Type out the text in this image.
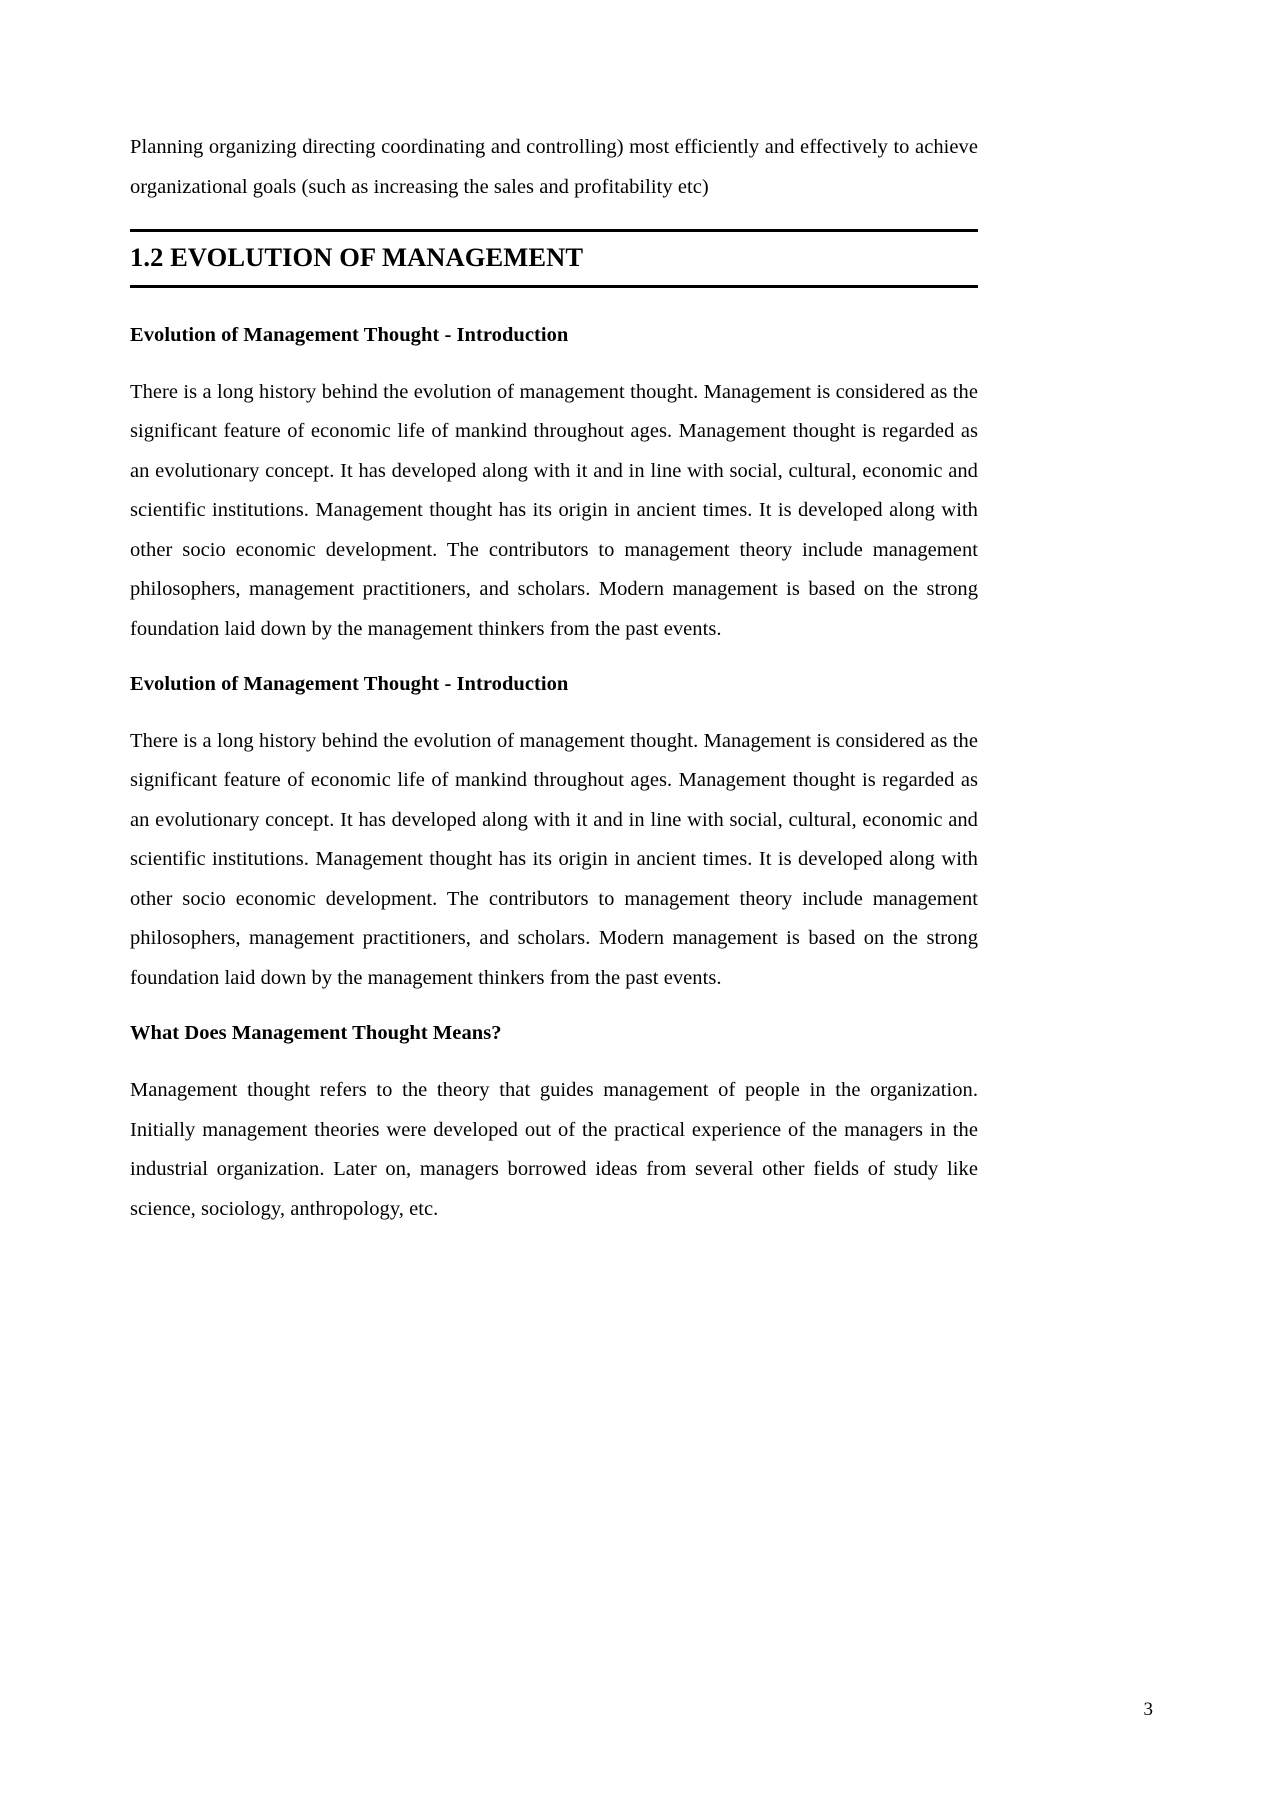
Planning organizing directing coordinating and controlling) most efficiently and effectively to achieve organizational goals (such as increasing the sales and profitability etc)

1.2 EVOLUTION OF MANAGEMENT
Evolution of Management Thought - Introduction

There is a long history behind the evolution of management thought. Management is considered as the significant feature of economic life of mankind throughout ages. Management thought is regarded as an evolutionary concept. It has developed along with it and in line with social, cultural, economic and scientific institutions. Management thought has its origin in ancient times. It is developed along with other socio economic development. The contributors to management theory include management philosophers, management practitioners, and scholars. Modern management is based on the strong foundation laid down by the management thinkers from the past events.

Evolution of Management Thought - Introduction

There is a long history behind the evolution of management thought. Management is considered as the significant feature of economic life of mankind throughout ages. Management thought is regarded as an evolutionary concept. It has developed along with it and in line with social, cultural, economic and scientific institutions. Management thought has its origin in ancient times. It is developed along with other socio economic development. The contributors to management theory include management philosophers, management practitioners, and scholars. Modern management is based on the strong foundation laid down by the management thinkers from the past events.

What Does Management Thought Means?

Management thought refers to the theory that guides management of people in the organization. Initially management theories were developed out of the practical experience of the managers in the industrial organization. Later on, managers borrowed ideas from several other fields of study like science, sociology, anthropology, etc.

3
